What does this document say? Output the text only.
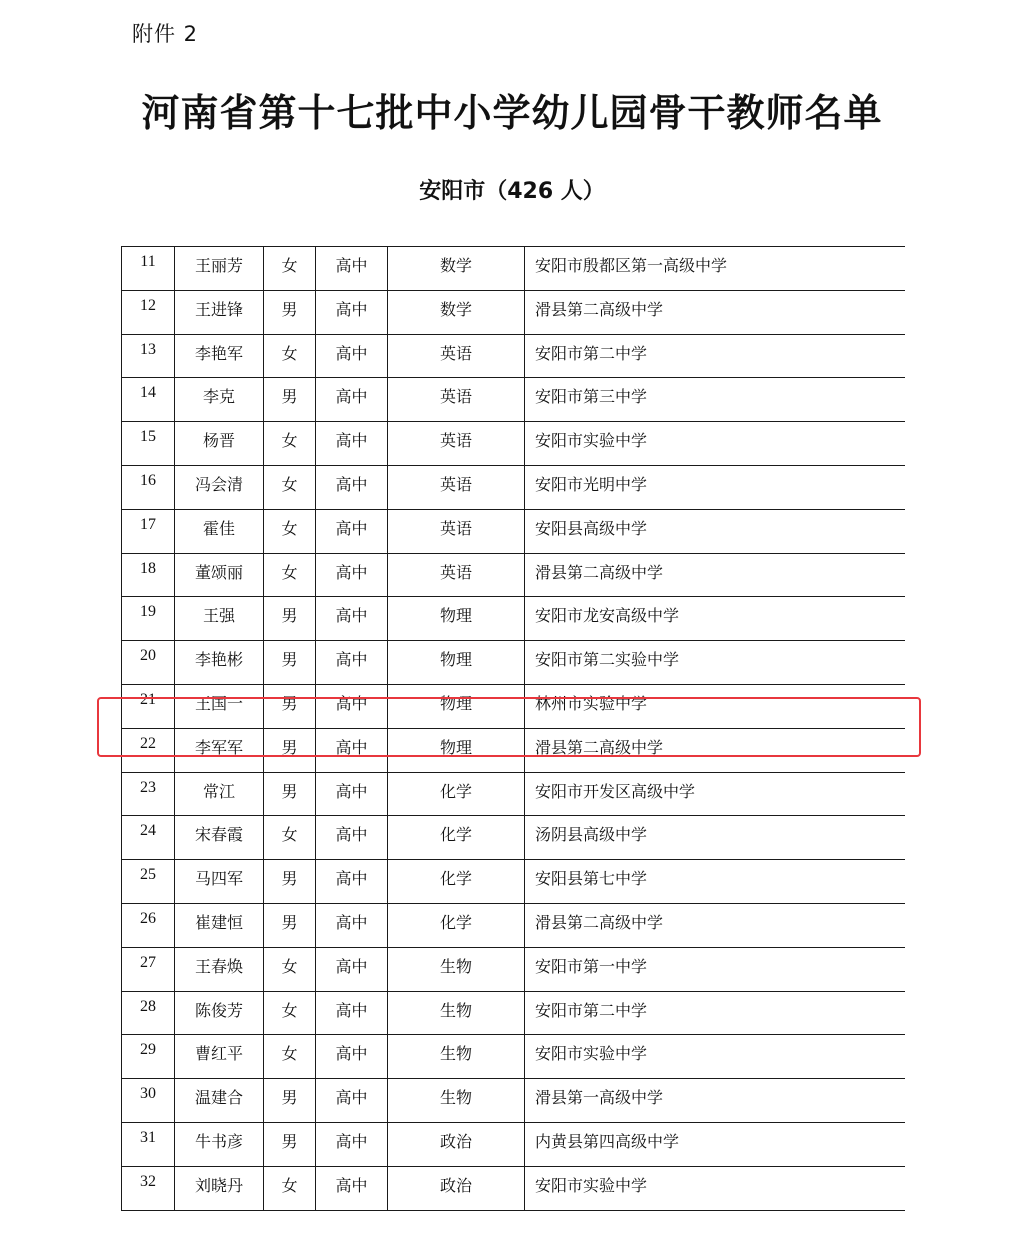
附件 2
河南省第十七批中小学幼儿园骨干教师名单
安阳市（426 人）
11	王丽芳	女	高中	数学	安阳市殷都区第一高级中学
12	王进锋	男	高中	数学	滑县第二高级中学
13	李艳军	女	高中	英语	安阳市第二中学
14	李克	男	高中	英语	安阳市第三中学
15	杨晋	女	高中	英语	安阳市实验中学
16	冯会清	女	高中	英语	安阳市光明中学
17	霍佳	女	高中	英语	安阳县高级中学
18	董颂丽	女	高中	英语	滑县第二高级中学
19	王强	男	高中	物理	安阳市龙安高级中学
20	李艳彬	男	高中	物理	安阳市第二实验中学
21	王国一	男	高中	物理	林州市实验中学
22	李军军	男	高中	物理	滑县第二高级中学
23	常江	男	高中	化学	安阳市开发区高级中学
24	宋春霞	女	高中	化学	汤阴县高级中学
25	马四军	男	高中	化学	安阳县第七中学
26	崔建恒	男	高中	化学	滑县第二高级中学
27	王春焕	女	高中	生物	安阳市第一中学
28	陈俊芳	女	高中	生物	安阳市第二中学
29	曹红平	女	高中	生物	安阳市实验中学
30	温建合	男	高中	生物	滑县第一高级中学
31	牛书彦	男	高中	政治	内黄县第四高级中学
32	刘晓丹	女	高中	政治	安阳市实验中学
